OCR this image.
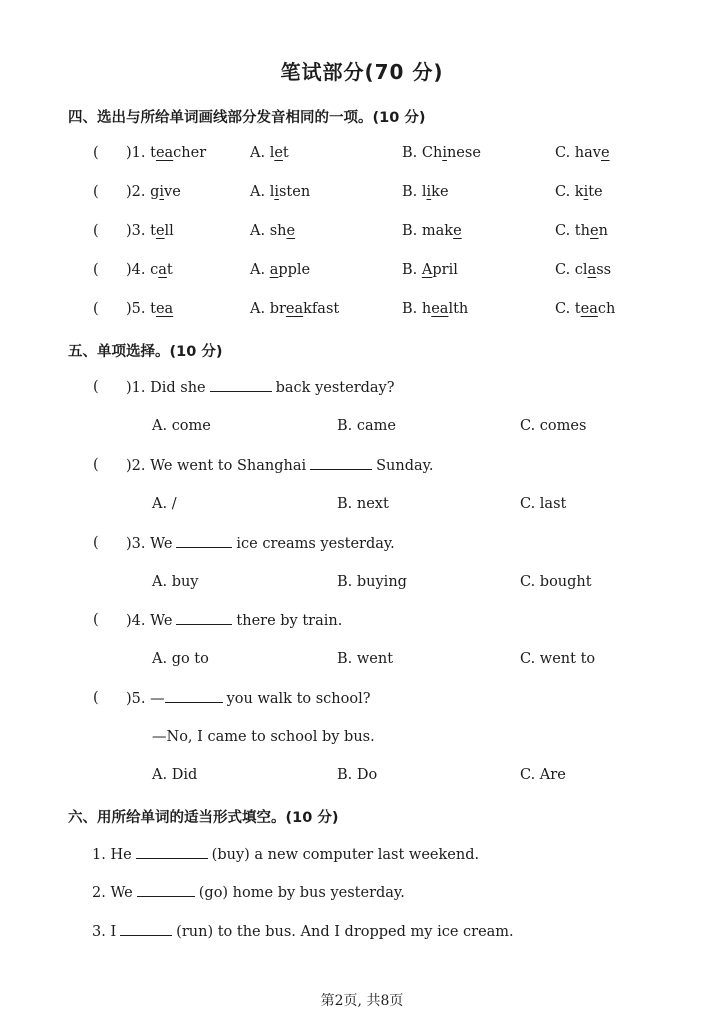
笔试部分(70 分)
四、选出与所给单词画线部分发音相同的一项。(10 分)
( )1. teacher	A. let	B. Chinese	C. have
( )2. give	A. listen	B. like	C. kite
( )3. tell	A. she	B. make	C. then
( )4. cat	A. apple	B. April	C. class
( )5. tea	A. breakfast	B. health	C. teach
五、单项选择。(10 分)
( )1. Did she	back yesterday?
A. come	B. came	C. comes
( )2. We went to Shanghai	Sunday.
A. /	B. next	C. last
( )3. We	ice creams yesterday.
A. buy	B. buying	C. bought
( )4. We	there by train.
A. go to	B. went	C. went to
( )5. —	you walk to school?
—No, I came to school by bus.
A. Did	B. Do	C. Are
六、用所给单词的适当形式填空。(10 分)
1. He	(buy) a new computer last weekend.
2. We	(go) home by bus yesterday.
3. I	(run) to the bus. And I dropped my ice cream.
第2页, 共8页
